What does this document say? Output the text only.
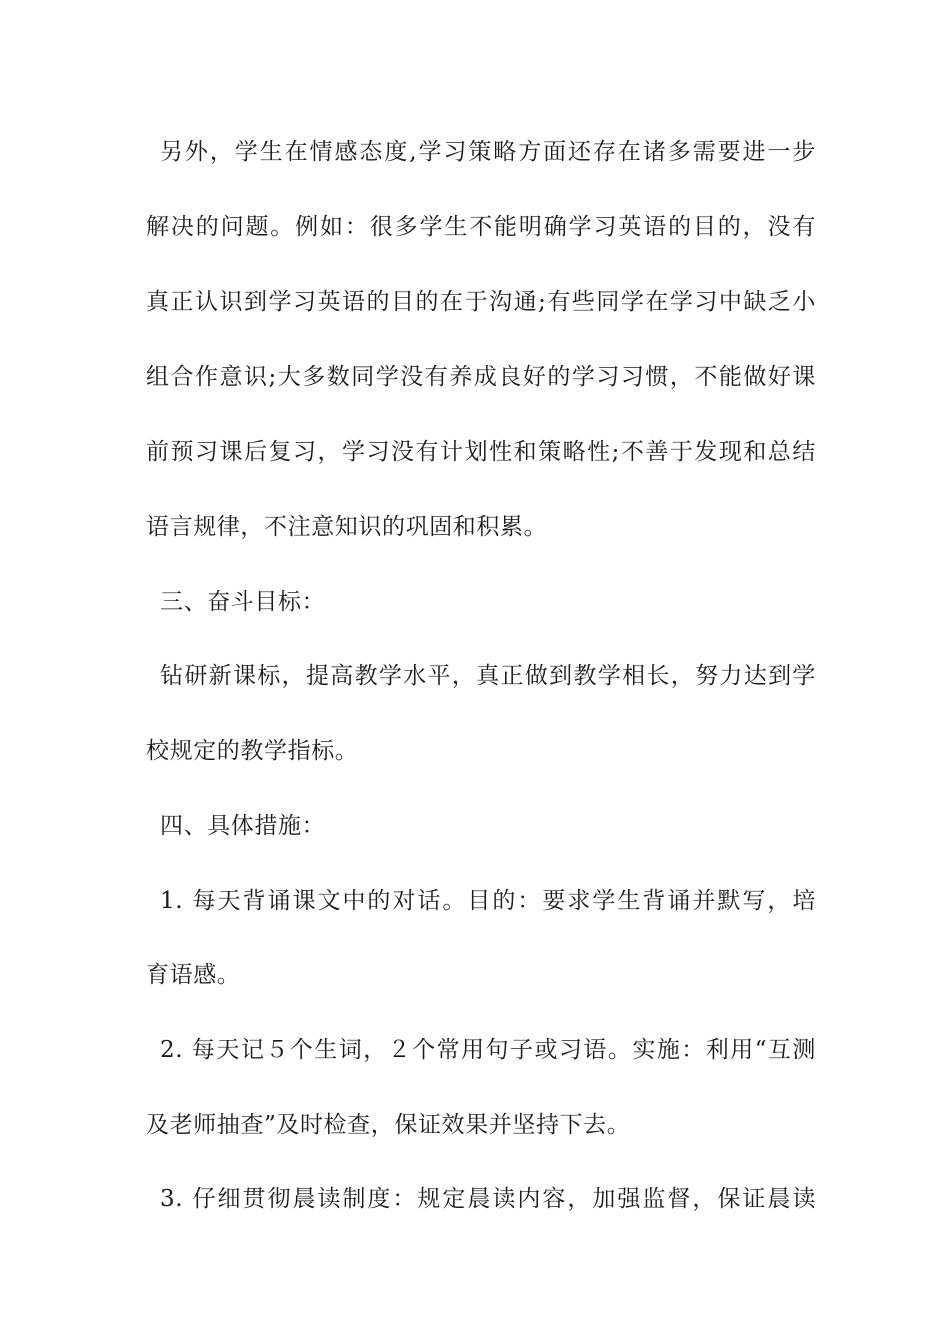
另外，学生在情感态度,学习策略方面还存在诸多需要进一步
解决的问题。例如：很多学生不能明确学习英语的目的，没有
真正认识到学习英语的目的在于沟通;有些同学在学习中缺乏小
组合作意识;大多数同学没有养成良好的学习习惯，不能做好课
前预习课后复习，学习没有计划性和策略性;不善于发现和总结
语言规律，不注意知识的巩固和积累。
三、奋斗目标：
钻研新课标，提高教学水平，真正做到教学相长，努力达到学
校规定的教学指标。
四、具体措施：
1. 每天背诵课文中的对话。目的：要求学生背诵并默写，培
育语感。
2. 每天记５个生词，２个常用句子或习语。实施：利用“互测
及老师抽查”及时检查，保证效果并坚持下去。
3. 仔细贯彻晨读制度：规定晨读内容，加强监督，保证晨读
